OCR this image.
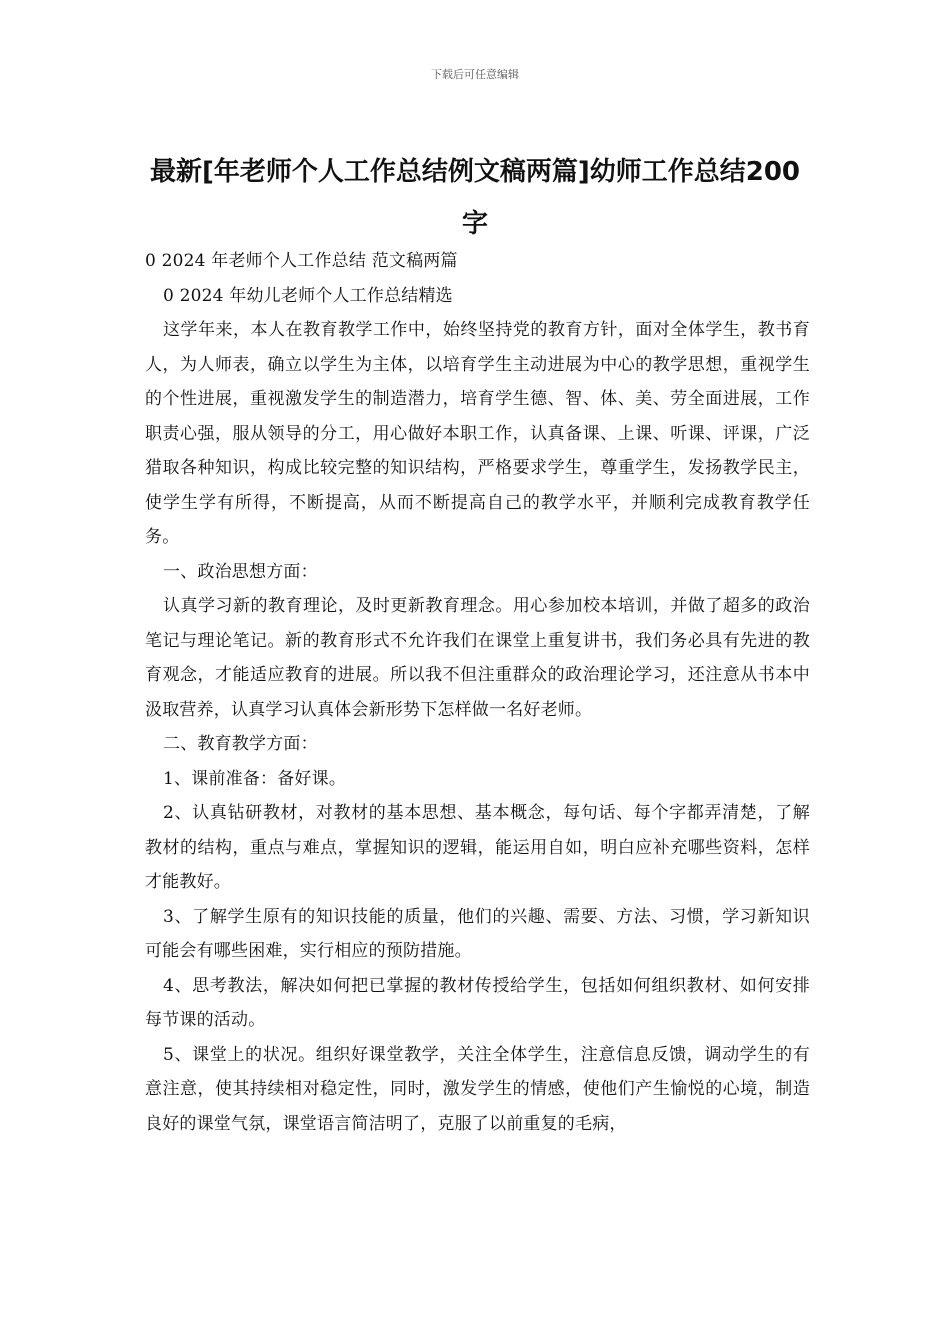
下载后可任意编辑
最新[年老师个人工作总结例文稿两篇]幼师工作总结200字

0 2024 年老师个人工作总结 范文稿两篇

0 2024 年幼儿老师个人工作总结精选

这学年来，本人在教育教学工作中，始终坚持党的教育方针，面对全体学生，教书育人，为人师表，确立以学生为主体，以培育学生主动进展为中心的教学思想，重视学生的个性进展，重视激发学生的制造潜力，培育学生德、智、体、美、劳全面进展，工作职责心强，服从领导的分工，用心做好本职工作，认真备课、上课、听课、评课，广泛猎取各种知识，构成比较完整的知识结构，严格要求学生，尊重学生，发扬教学民主，使学生学有所得，不断提高，从而不断提高自己的教学水平，并顺利完成教育教学任务。

一、政治思想方面：

认真学习新的教育理论，及时更新教育理念。用心参加校本培训，并做了超多的政治笔记与理论笔记。新的教育形式不允许我们在课堂上重复讲书，我们务必具有先进的教育观念，才能适应教育的进展。所以我不但注重群众的政治理论学习，还注意从书本中汲取营养，认真学习认真体会新形势下怎样做一名好老师。

二、教育教学方面：

1、课前准备：备好课。

2、认真钻研教材，对教材的基本思想、基本概念，每句话、每个字都弄清楚，了解教材的结构，重点与难点，掌握知识的逻辑，能运用自如，明白应补充哪些资料，怎样才能教好。

3、了解学生原有的知识技能的质量，他们的兴趣、需要、方法、习惯，学习新知识可能会有哪些困难，实行相应的预防措施。

4、思考教法，解决如何把已掌握的教材传授给学生，包括如何组织教材、如何安排每节课的活动。

5、课堂上的状况。组织好课堂教学，关注全体学生，注意信息反馈，调动学生的有意注意，使其持续相对稳定性，同时，激发学生的情感，使他们产生愉悦的心境，制造良好的课堂气氛，课堂语言简洁明了，克服了以前重复的毛病，
